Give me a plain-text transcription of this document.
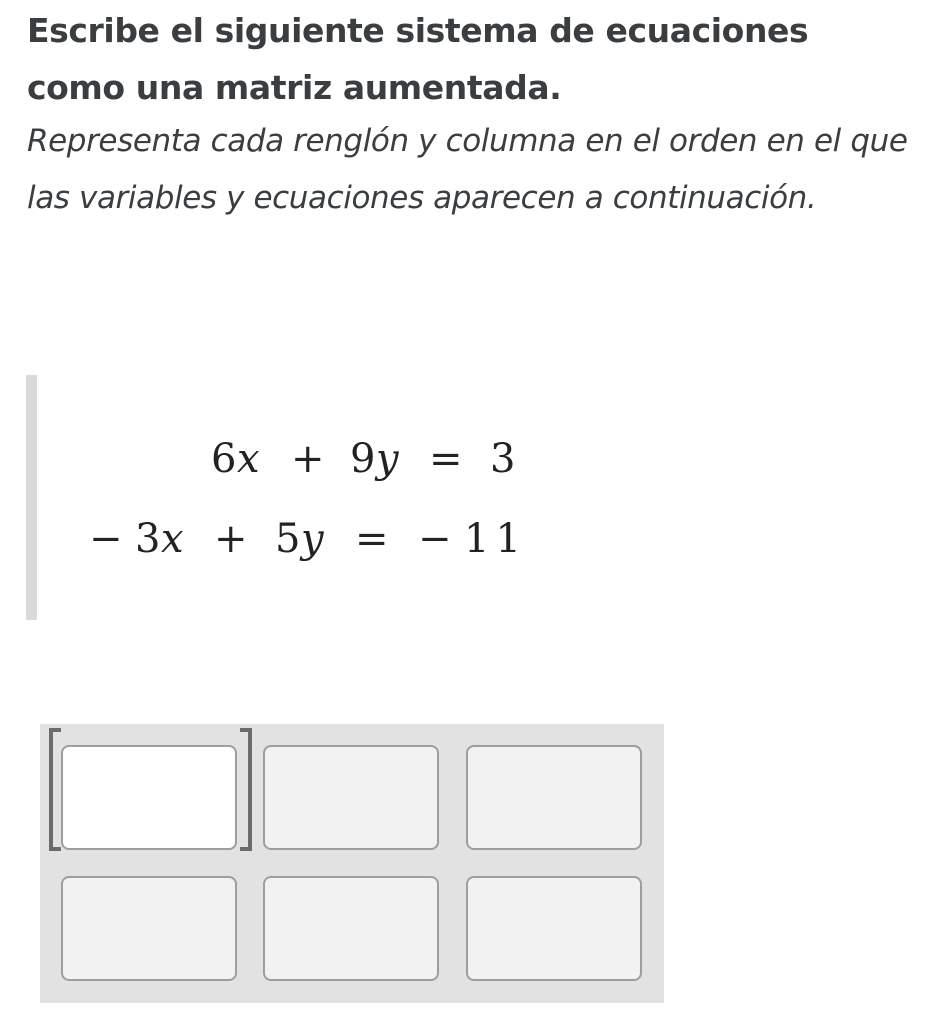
Escribe el siguiente sistema de ecuaciones como una matriz aumentada.

Representa cada renglón y columna en el orden en el que las variables y ecuaciones aparecen a continuación.

6 x + 9 y = 3
− 3 x + 5 y = − 11
